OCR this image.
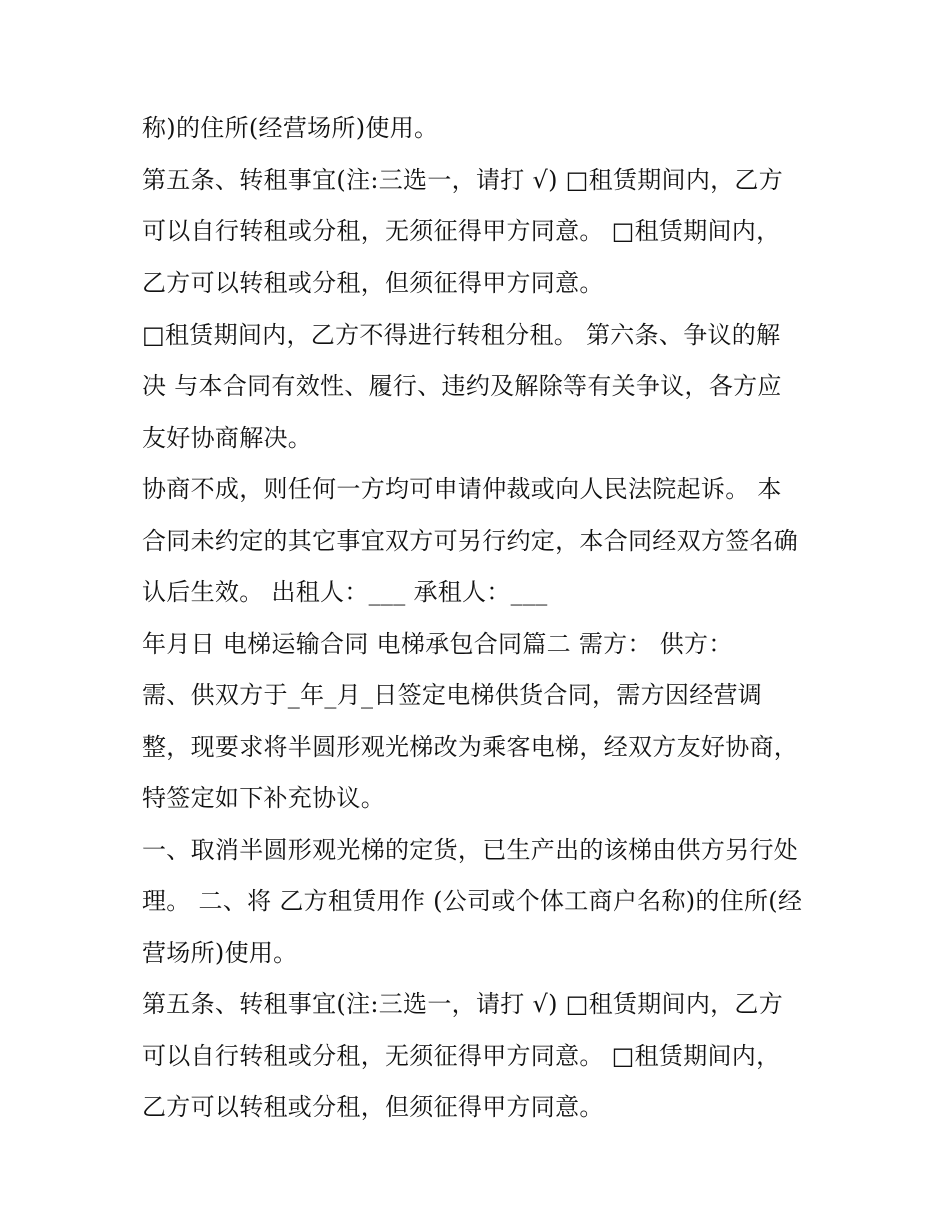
称)的住所(经营场所)使用。
第五条、转租事宜(注:三选一，请打 √) □租赁期间内，乙方
可以自行转租或分租，无须征得甲方同意。 □租赁期间内，
乙方可以转租或分租，但须征得甲方同意。
□租赁期间内，乙方不得进行转租分租。 第六条、争议的解
决 与本合同有效性、履行、违约及解除等有关争议，各方应
友好协商解决。
协商不成，则任何一方均可申请仲裁或向人民法院起诉。 本
合同未约定的其它事宜双方可另行约定，本合同经双方签名确
认后生效。 出租人：___ 承租人：___
年月日 电梯运输合同 电梯承包合同篇二 需方： 供方：
需、供双方于_年_月_日签定电梯供货合同，需方因经营调
整，现要求将半圆形观光梯改为乘客电梯，经双方友好协商，
特签定如下补充协议。
一、取消半圆形观光梯的定货，已生产出的该梯由供方另行处
理。 二、将 乙方租赁用作 (公司或个体工商户名称)的住所(经
营场所)使用。
第五条、转租事宜(注:三选一，请打 √) □租赁期间内，乙方
可以自行转租或分租，无须征得甲方同意。 □租赁期间内，
乙方可以转租或分租，但须征得甲方同意。
